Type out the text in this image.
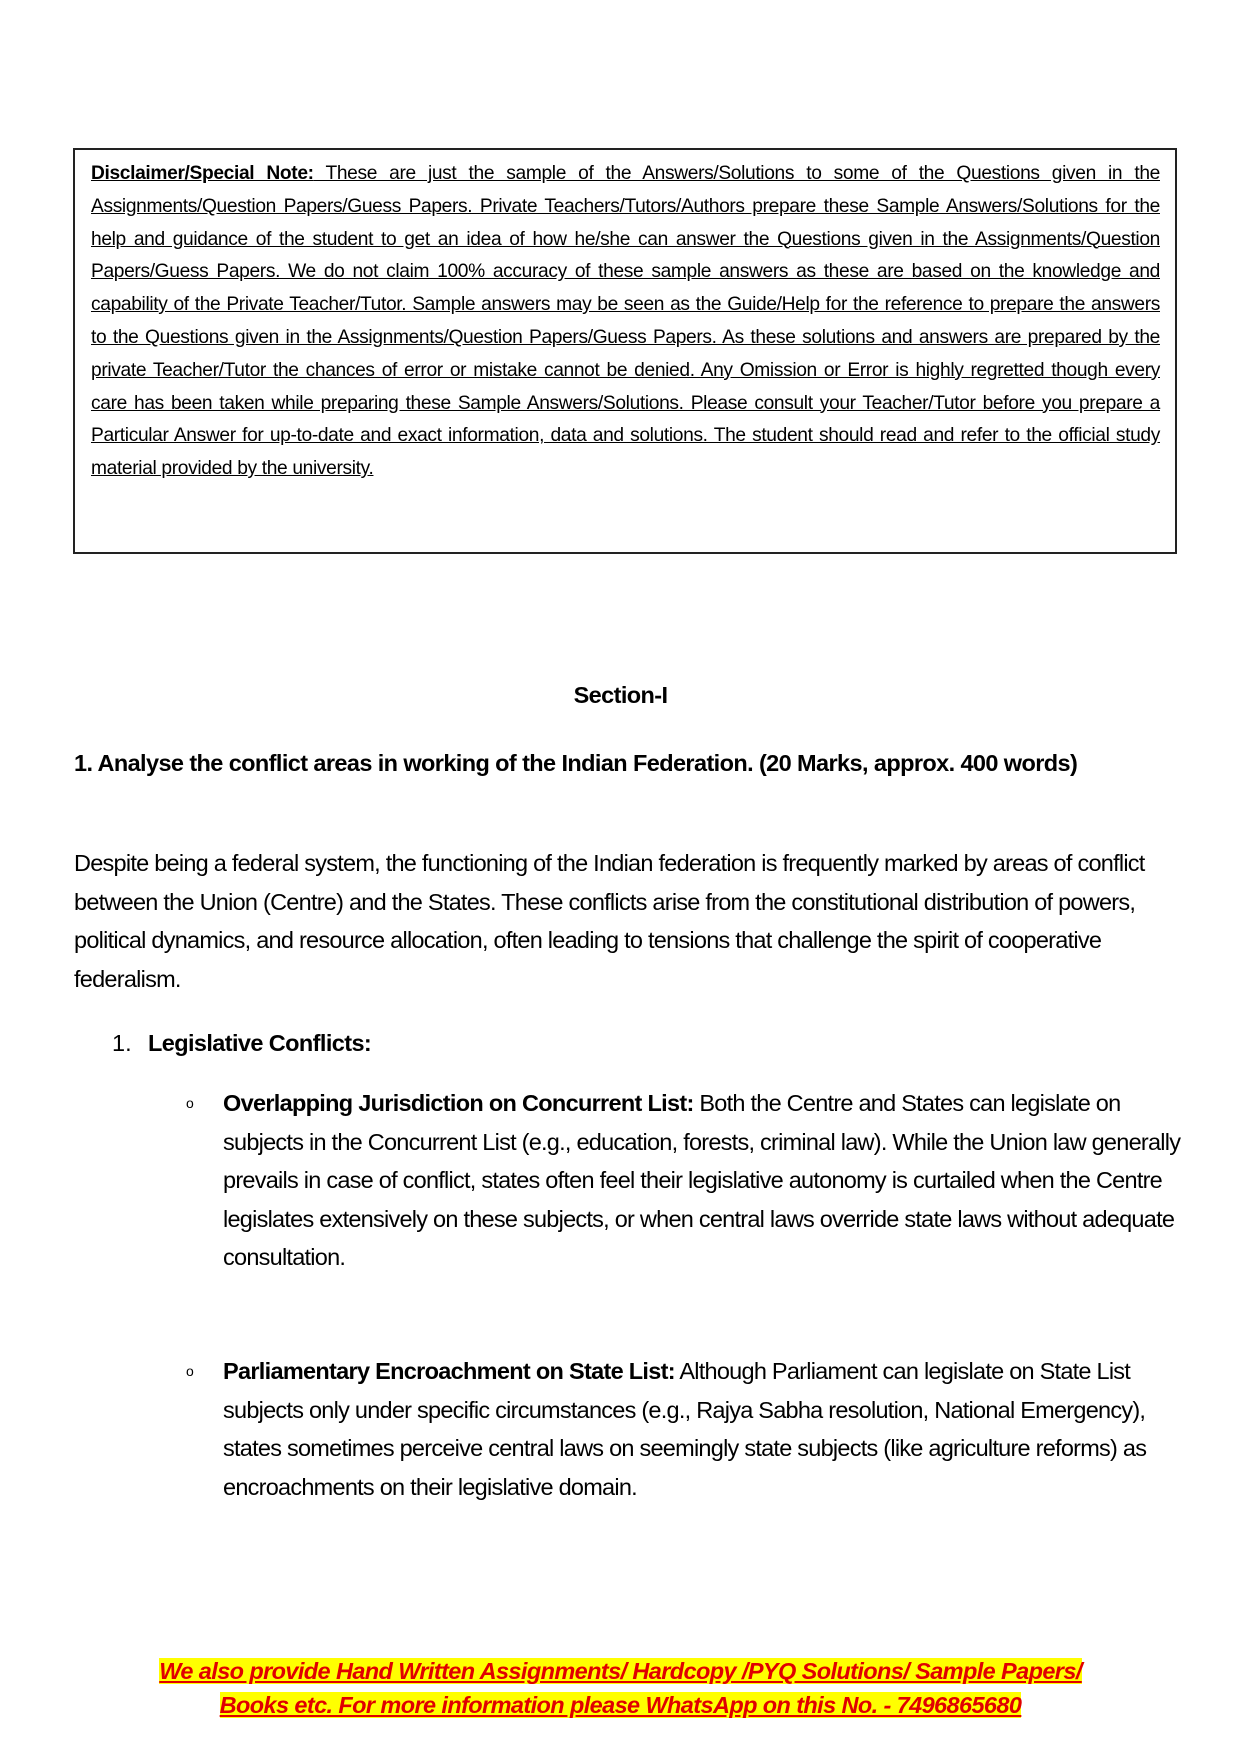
Disclaimer/Special Note: These are just the sample of the Answers/Solutions to some of the Questions given in the Assignments/Question Papers/Guess Papers. Private Teachers/Tutors/Authors prepare these Sample Answers/Solutions for the help and guidance of the student to get an idea of how he/she can answer the Questions given in the Assignments/Question Papers/Guess Papers. We do not claim 100% accuracy of these sample answers as these are based on the knowledge and capability of the Private Teacher/Tutor. Sample answers may be seen as the Guide/Help for the reference to prepare the answers to the Questions given in the Assignments/Question Papers/Guess Papers. As these solutions and answers are prepared by the private Teacher/Tutor the chances of error or mistake cannot be denied. Any Omission or Error is highly regretted though every care has been taken while preparing these Sample Answers/Solutions. Please consult your Teacher/Tutor before you prepare a Particular Answer for up-to-date and exact information, data and solutions. The student should read and refer to the official study material provided by the university.
Section-I
1. Analyse the conflict areas in working of the Indian Federation. (20 Marks, approx. 400 words)
Despite being a federal system, the functioning of the Indian federation is frequently marked by areas of conflict between the Union (Centre) and the States. These conflicts arise from the constitutional distribution of powers, political dynamics, and resource allocation, often leading to tensions that challenge the spirit of cooperative federalism.
1. Legislative Conflicts:
o Overlapping Jurisdiction on Concurrent List: Both the Centre and States can legislate on subjects in the Concurrent List (e.g., education, forests, criminal law). While the Union law generally prevails in case of conflict, states often feel their legislative autonomy is curtailed when the Centre legislates extensively on these subjects, or when central laws override state laws without adequate consultation.
o Parliamentary Encroachment on State List: Although Parliament can legislate on State List subjects only under specific circumstances (e.g., Rajya Sabha resolution, National Emergency), states sometimes perceive central laws on seemingly state subjects (like agriculture reforms) as encroachments on their legislative domain.
We also provide Hand Written Assignments/ Hardcopy /PYQ Solutions/ Sample Papers/
Books etc. For more information please WhatsApp on this No. - 7496865680
